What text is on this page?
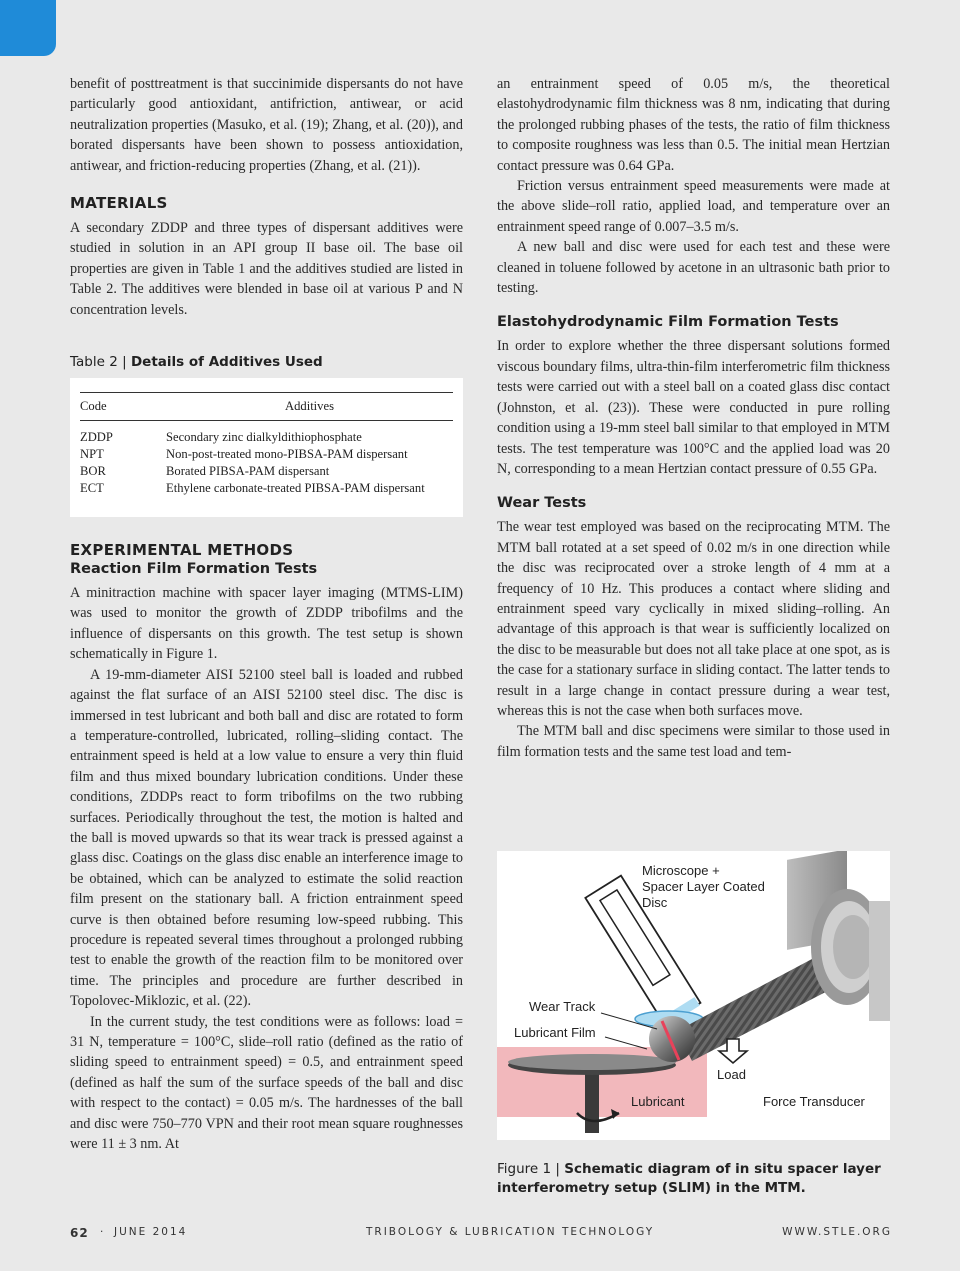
benefit of posttreatment is that succinimide dispersants do not have particularly good antioxidant, antifriction, antiwear, or acid neutralization properties (Masuko, et al. (19); Zhang, et al. (20)), and borated dispersants have been shown to possess antioxidation, antiwear, and friction-reducing properties (Zhang, et al. (21)).

MATERIALS

A secondary ZDDP and three types of dispersant additives were studied in solution in an API group II base oil. The base oil properties are given in Table 1 and the additives studied are listed in Table 2. The additives were blended in base oil at various P and N concentration levels.

Table 2 | Details of Additives Used
Code	Additives
ZDDP	Secondary zinc dialkyldithiophosphate
NPT	Non-post-treated mono-PIBSA-PAM dispersant
BOR	Borated PIBSA-PAM dispersant
ECT	Ethylene carbonate-treated PIBSA-PAM dispersant
EXPERIMENTAL METHODS
Reaction Film Formation Tests

A minitraction machine with spacer layer imaging (MTMS-LIM) was used to monitor the growth of ZDDP tribofilms and the influence of dispersants on this growth. The test setup is shown schematically in Figure 1.

A 19-mm-diameter AISI 52100 steel ball is loaded and rubbed against the flat surface of an AISI 52100 steel disc. The disc is immersed in test lubricant and both ball and disc are rotated to form a temperature-controlled, lubricated, rolling–sliding contact. The entrainment speed is held at a low value to ensure a very thin fluid film and thus mixed boundary lubrication conditions. Under these conditions, ZDDPs react to form tribofilms on the two rubbing surfaces. Periodically throughout the test, the motion is halted and the ball is moved upwards so that its wear track is pressed against a glass disc. Coatings on the glass disc enable an interference image to be obtained, which can be analyzed to estimate the solid reaction film present on the stationary ball. A friction entrainment speed curve is then obtained before resuming low-speed rubbing. This procedure is repeated several times throughout a prolonged rubbing test to enable the growth of the reaction film to be monitored over time. The principles and procedure are further described in Topolovec-Miklozic, et al. (22).

In the current study, the test conditions were as follows: load = 31 N, temperature = 100°C, slide–roll ratio (defined as the ratio of sliding speed to entrainment speed) = 0.5, and entrainment speed (defined as half the sum of the surface speeds of the ball and disc with respect to the contact) = 0.05 m/s. The hardnesses of the ball and disc were 750–770 VPN and their root mean square roughnesses were 11 ± 3 nm. At

an entrainment speed of 0.05 m/s, the theoretical elastohydrodynamic film thickness was 8 nm, indicating that during the prolonged rubbing phases of the tests, the ratio of film thickness to composite roughness was less than 0.5. The initial mean Hertzian contact pressure was 0.64 GPa.

Friction versus entrainment speed measurements were made at the above slide–roll ratio, applied load, and temperature over an entrainment speed range of 0.007–3.5 m/s.

A new ball and disc were used for each test and these were cleaned in toluene followed by acetone in an ultrasonic bath prior to testing.

Elastohydrodynamic Film Formation Tests

In order to explore whether the three dispersant solutions formed viscous boundary films, ultra-thin-film interferometric film thickness tests were carried out with a steel ball on a coated glass disc contact (Johnston, et al. (23)). These were conducted in pure rolling condition using a 19-mm steel ball similar to that employed in MTM tests. The test temperature was 100°C and the applied load was 20 N, corresponding to a mean Hertzian contact pressure of 0.55 GPa.

Wear Tests

The wear test employed was based on the reciprocating MTM. The MTM ball rotated at a set speed of 0.02 m/s in one direction while the disc was reciprocated over a stroke length of 4 mm at a frequency of 10 Hz. This produces a contact where sliding and entrainment speed vary cyclically in mixed sliding–rolling. An advantage of this approach is that wear is sufficiently localized on the disc to be measurable but does not all take place at one spot, as is the case for a stationary surface in sliding contact. The latter tends to result in a large change in contact pressure during a wear test, whereas this is not the case when both surfaces move.

The MTM ball and disc specimens were similar to those used in film formation tests and the same test load and tem-

Microscope +
Spacer Layer Coated
Disc
Wear Track
Lubricant Film
Load
Lubricant	Force Transducer
Figure 1 | Schematic diagram of in situ spacer layer interferometry setup (SLIM) in the MTM.
62 · JUNE 2014	TRIBOLOGY & LUBRICATION TECHNOLOGY	WWW.STLE.ORG
